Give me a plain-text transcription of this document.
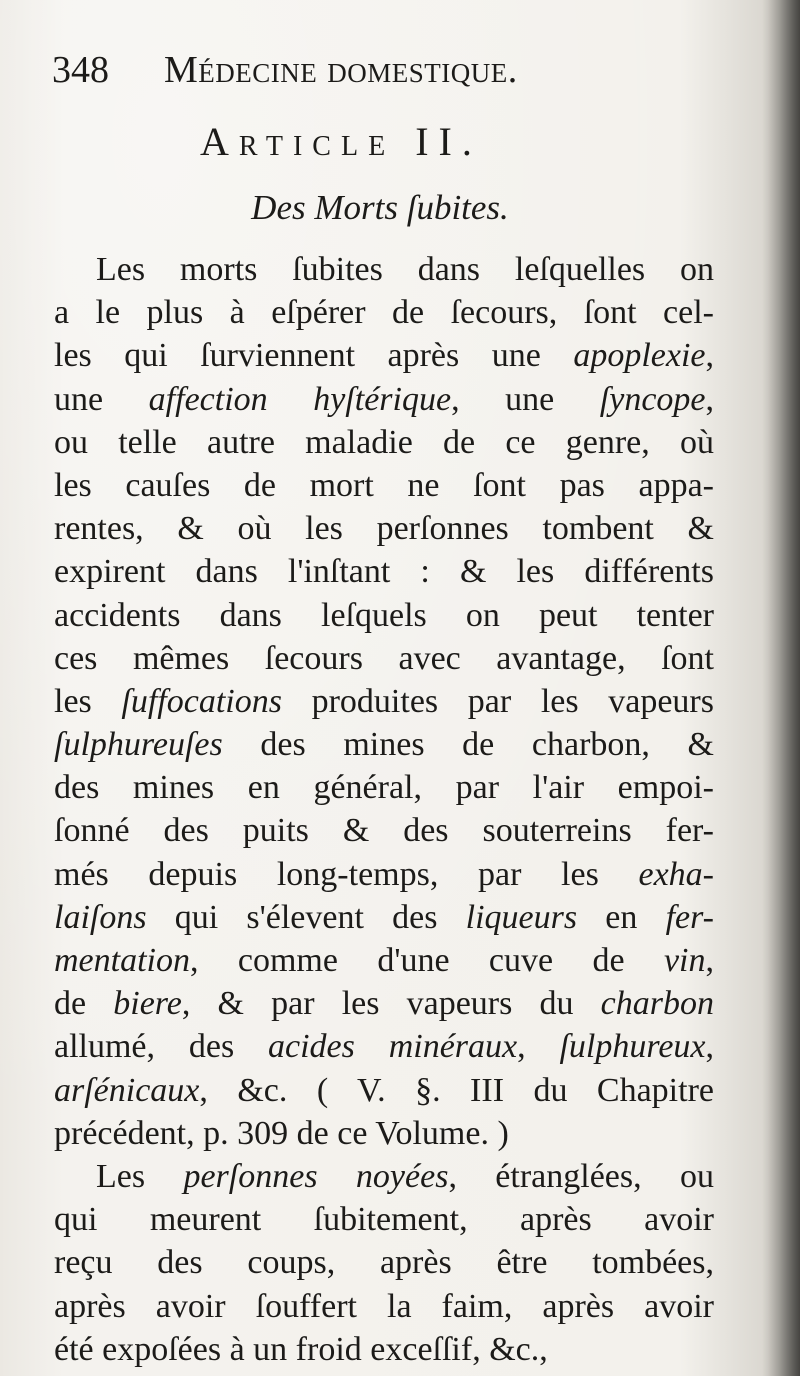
348 Médecine domestique.
Article II.
Des Morts ſubites.
Les morts ſubites dans leſquelles on
a le plus à eſpérer de ſecours, ſont cel-
les qui ſurviennent après une apoplexie,
une affection hyſtérique, une ſyncope,
ou telle autre maladie de ce genre, où
les cauſes de mort ne ſont pas appa-
rentes, & où les perſonnes tombent &
expirent dans l'inſtant : & les différents
accidents dans leſquels on peut tenter
ces mêmes ſecours avec avantage, ſont
les ſuffocations produites par les vapeurs
ſulphureuſes des mines de charbon, &
des mines en général, par l'air empoi-
ſonné des puits & des souterreins fer-
més depuis long-temps, par les exha-
laiſons qui s'élevent des liqueurs en fer-
mentation, comme d'une cuve de vin,
de biere, & par les vapeurs du charbon
allumé, des acides minéraux, ſulphureux,
arſénicaux, &c. ( V. §. III du Chapitre
précédent, p. 309 de ce Volume. )
Les perſonnes noyées, étranglées, ou
qui meurent ſubitement, après avoir
reçu des coups, après être tombées,
après avoir ſouffert la faim, après avoir
été expoſées à un froid exceſſif, &c.,
